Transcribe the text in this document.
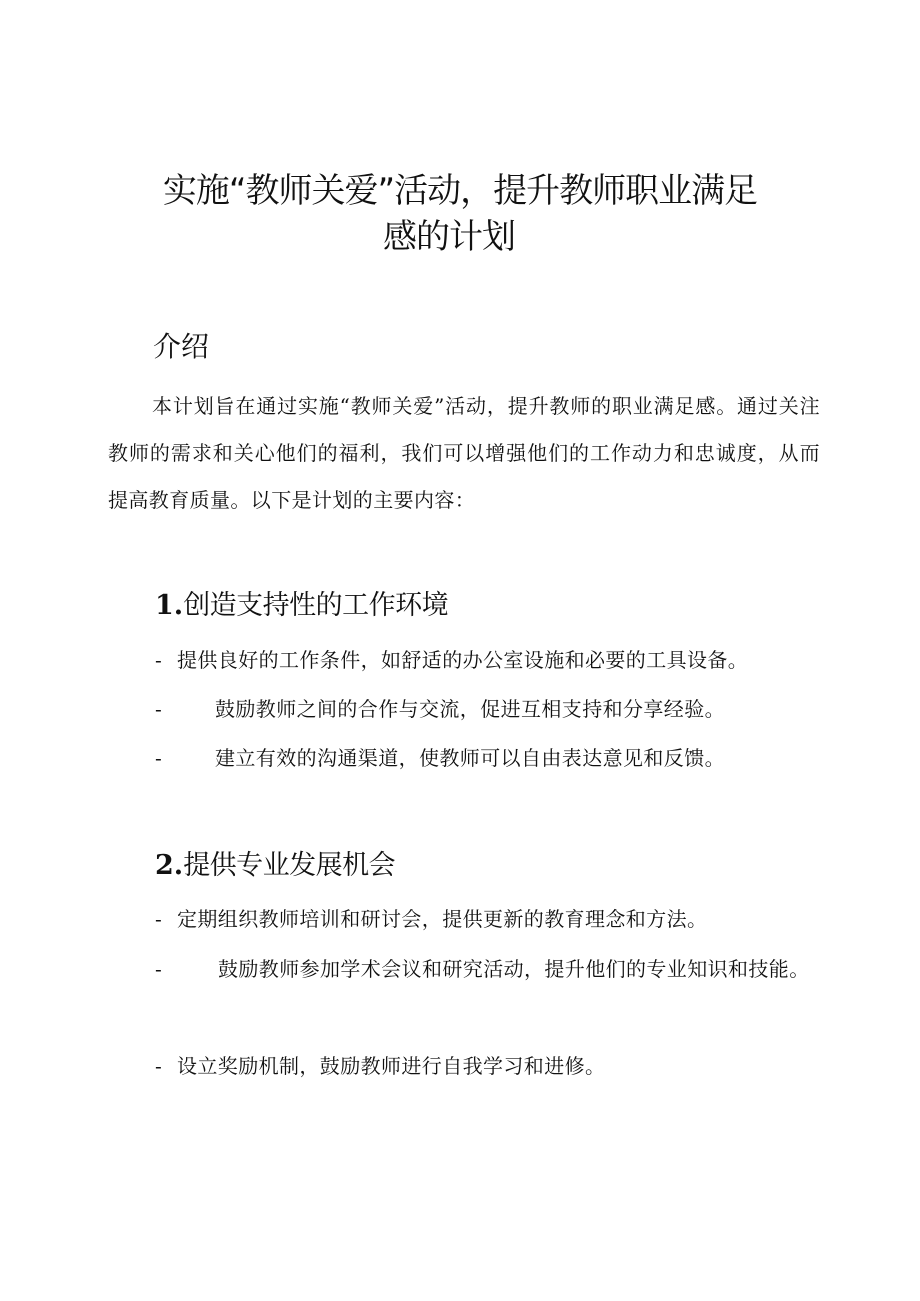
实施“教师关爱”活动，提升教师职业满足
感的计划
介绍

本计划旨在通过实施“教师关爱”活动，提升教师的职业满足感。通过关注教师的需求和关心他们的福利，我们可以增强他们的工作动力和忠诚度，从而提高教育质量。以下是计划的主要内容：

1.创造支持性的工作环境

- 提供良好的工作条件，如舒适的办公室设施和必要的工具设备。

-	鼓励教师之间的合作与交流，促进互相支持和分享经验。

-	建立有效的沟通渠道，使教师可以自由表达意见和反馈。

2.提供专业发展机会

- 定期组织教师培训和研讨会，提供更新的教育理念和方法。

-	鼓励教师参加学术会议和研究活动，提升他们的专业知识和技能。

- 设立奖励机制，鼓励教师进行自我学习和进修。
